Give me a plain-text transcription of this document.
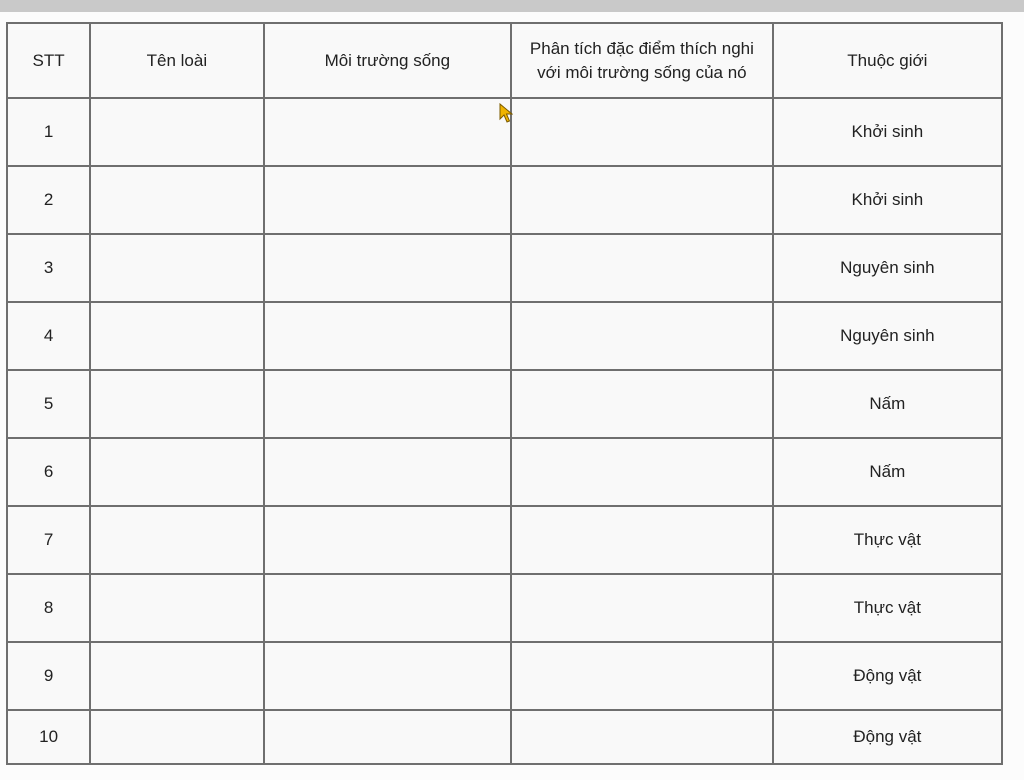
STT	Tên loài	Môi trường sống	Phân tích đặc điểm thích nghi với môi trường sống của nó	Thuộc giới
1				Khởi sinh
2				Khởi sinh
3				Nguyên sinh
4				Nguyên sinh
5				Nấm
6				Nấm
7				Thực vật
8				Thực vật
9				Động vật
10				Động vật
